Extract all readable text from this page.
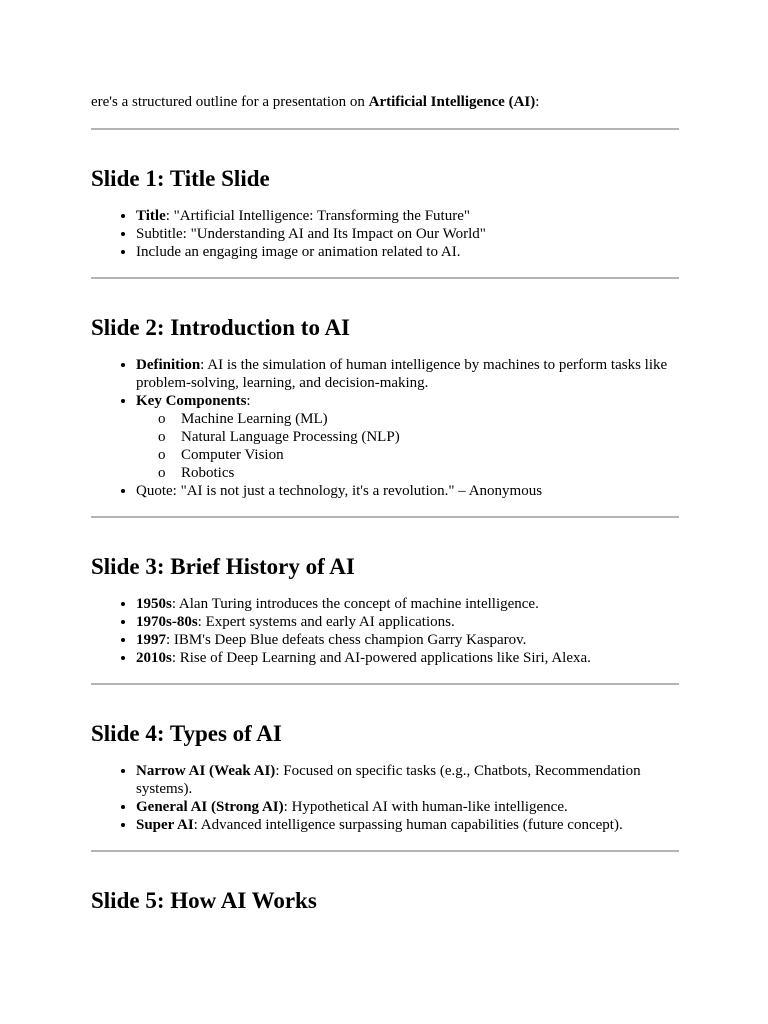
ere's a structured outline for a presentation on Artificial Intelligence (AI):

Slide 1: Title Slide
• Title: "Artificial Intelligence: Transforming the Future"
• Subtitle: "Understanding AI and Its Impact on Our World"
• Include an engaging image or animation related to AI.
Slide 2: Introduction to AI
• Definition: AI is the simulation of human intelligence by machines to perform tasks like problem-solving, learning, and decision-making.
• Key Components:
o Machine Learning (ML)
o Natural Language Processing (NLP)
o Computer Vision
o Robotics
• Quote: "AI is not just a technology, it's a revolution." – Anonymous
Slide 3: Brief History of AI
• 1950s: Alan Turing introduces the concept of machine intelligence.
• 1970s-80s: Expert systems and early AI applications.
• 1997: IBM's Deep Blue defeats chess champion Garry Kasparov.
• 2010s: Rise of Deep Learning and AI-powered applications like Siri, Alexa.
Slide 4: Types of AI
• Narrow AI (Weak AI): Focused on specific tasks (e.g., Chatbots, Recommendation systems).
• General AI (Strong AI): Hypothetical AI with human-like intelligence.
• Super AI: Advanced intelligence surpassing human capabilities (future concept).
Slide 5: How AI Works
